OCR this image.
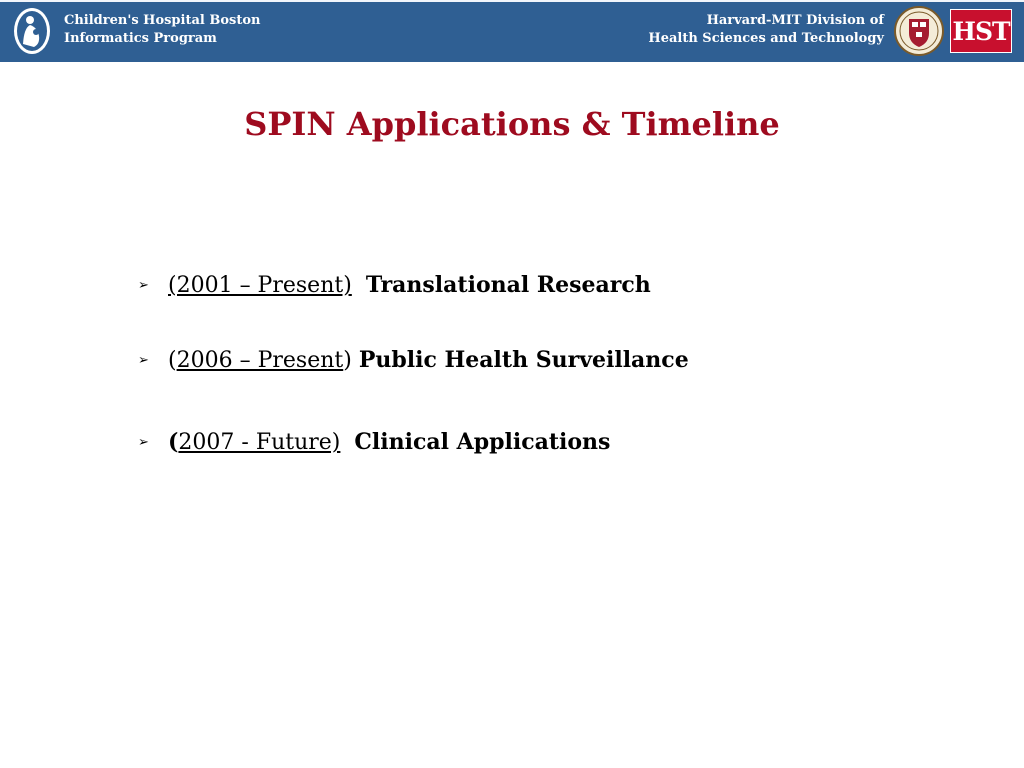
Children's Hospital Boston
Informatics Program
Harvard-MIT Division of
Health Sciences and Technology	HST
SPIN Applications & Timeline
➢ (2001 – Present) Translational Research
➢ (2006 – Present) Public Health Surveillance
➢ (2007 - Future) Clinical Applications
